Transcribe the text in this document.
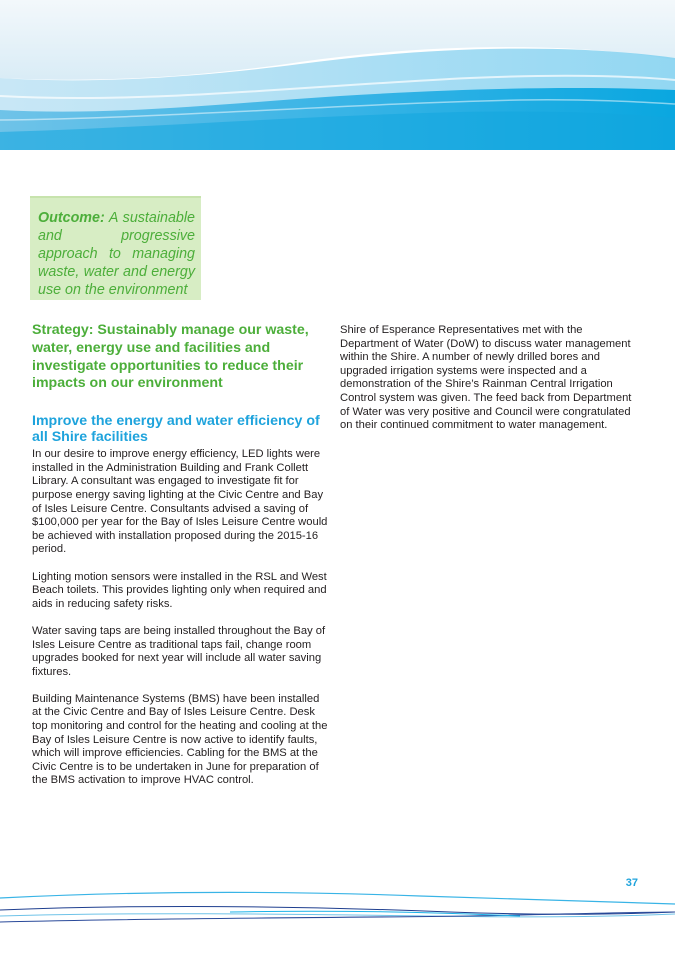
Outcome: A sustainable and progressive approach to managing waste, water and energy use on the environment

Strategy: Sustainably manage our waste, water, energy use and facilities and investigate opportunities to reduce their impacts on our environment
Improve the energy and water efficiency of all Shire facilities

In our desire to improve energy efficiency, LED lights were installed in the Administration Building and Frank Collett Library. A consultant was engaged to investigate fit for purpose energy saving lighting at the Civic Centre and Bay of Isles Leisure Centre. Consultants advised a saving of $100,000 per year for the Bay of Isles Leisure Centre would be achieved with installation proposed during the 2015-16 period.

Lighting motion sensors were installed in the RSL and West Beach toilets. This provides lighting only when required and aids in reducing safety risks.

Water saving taps are being installed throughout the Bay of Isles Leisure Centre as traditional taps fail, change room upgrades booked for next year will include all water saving fixtures.

Building Maintenance Systems (BMS) have been installed at the Civic Centre and Bay of Isles Leisure Centre. Desk top monitoring and control for the heating and cooling at the Bay of Isles Leisure Centre is now active to identify faults, which will improve efficiencies. Cabling for the BMS at the Civic Centre is to be undertaken in June for preparation of the BMS activation to improve HVAC control.

Shire of Esperance Representatives met with the Department of Water (DoW) to discuss water management within the Shire. A number of newly drilled bores and upgraded irrigation systems were inspected and a demonstration of the Shire’s Rainman Central Irrigation Control system was given. The feed back from Department of Water was very positive and Council were congratulated on their continued commitment to water management.

37
